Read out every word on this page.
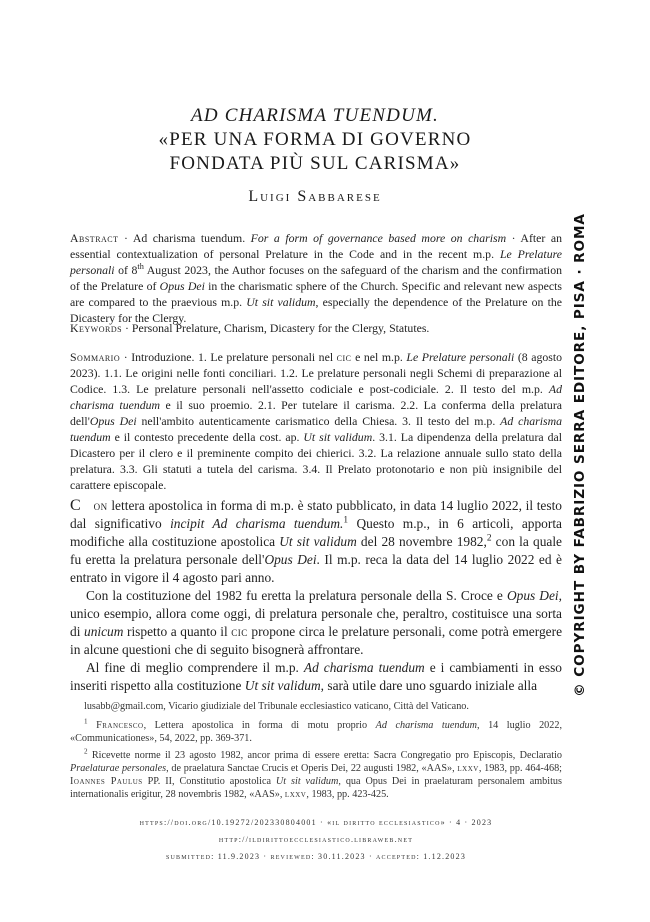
AD CHARISMA TUENDUM.
«PER UNA FORMA DI GOVERNO
FONDATA PIÙ SUL CARISMA»
Luigi Sabbarese
Abstract · Ad charisma tuendum. For a form of governance based more on charism · After an essential contextualization of personal Prelature in the Code and in the recent m.p. Le Prelature personali of 8th August 2023, the Author focuses on the safeguard of the charism and the confirmation of the Prelature of Opus Dei in the charismatic sphere of the Church. Specific and relevant new aspects are compared to the praevious m.p. Ut sit validum, especially the dependence of the Prelature on the Dicastery for the Clergy.
Keywords · Personal Prelature, Charism, Dicastery for the Clergy, Statutes.
Sommario · Introduzione. 1. Le prelature personali nel cic e nel m.p. Le Prelature personali (8 agosto 2023). 1.1. Le origini nelle fonti conciliari. 1.2. Le prelature personali negli Schemi di preparazione al Codice. 1.3. Le prelature personali nell'assetto codiciale e post-codiciale. 2. Il testo del m.p. Ad charisma tuendum e il suo proemio. 2.1. Per tutelare il carisma. 2.2. La conferma della prelatura dell'Opus Dei nell'ambito autenticamente carismatico della Chiesa. 3. Il testo del m.p. Ad charisma tuendum e il contesto precedente della cost. ap. Ut sit validum. 3.1. La dipendenza della prelatura dal Dicastero per il clero e il preminente compito dei chierici. 3.2. La relazione annuale sullo stato della prelatura. 3.3. Gli statuti a tutela del carisma. 3.4. Il Prelato protonotario e non più insignibile del carattere episcopale.

C on lettera apostolica in forma di m.p. è stato pubblicato, in data 14 luglio 2022, il testo dal significativo incipit Ad charisma tuendum.$^1$ Questo m.p., in 6 articoli, apporta modifiche alla costituzione apostolica Ut sit validum del 28 novembre 1982,$^2$ con la quale fu eretta la prelatura personale dell'Opus Dei. Il m.p. reca la data del 14 luglio 2022 ed è entrato in vigore il 4 agosto pari anno.

Con la costituzione del 1982 fu eretta la prelatura personale della S. Croce e Opus Dei, unico esempio, allora come oggi, di prelatura personale che, peraltro, costituisce una sorta di unicum rispetto a quanto il cic propone circa le prelature personali, come potrà emergere in alcune questioni che di seguito bisognerà affrontare.

Al fine di meglio comprendere il m.p. Ad charisma tuendum e i cambiamenti in esso inseriti rispetto alla costituzione Ut sit validum, sarà utile dare uno sguardo iniziale alla

lusabb@gmail.com, Vicario giudiziale del Tribunale ecclesiastico vaticano, Città del Vaticano.

$^1$ Francesco, Lettera apostolica in forma di motu proprio Ad charisma tuendum, 14 luglio 2022, «Communicationes», 54, 2022, pp. 369-371.

$^2$ Ricevette norme il 23 agosto 1982, ancor prima di essere eretta: Sacra Congregatio pro Episcopis, Declaratio Praelaturae personales, de praelatura Sanctae Crucis et Operis Dei, 22 augusti 1982, «AAS», lxxv, 1983, pp. 464-468; Ioannes Paulus PP. II, Constitutio apostolica Ut sit validum, qua Opus Dei in praelaturam personalem ambitus internationalis erigitur, 28 novembris 1982, «AAS», lxxv, 1983, pp. 423-425.

https://doi.org/10.19272/202330804001 · «il diritto ecclesiastico» · 4 · 2023
http://ildirittoecclesiastico.libraweb.net
submitted: 11.9.2023 · reviewed: 30.11.2023 · accepted: 1.12.2023
© COPYRIGHT BY FABRIZIO SERRA EDITORE, PISA · ROMA
